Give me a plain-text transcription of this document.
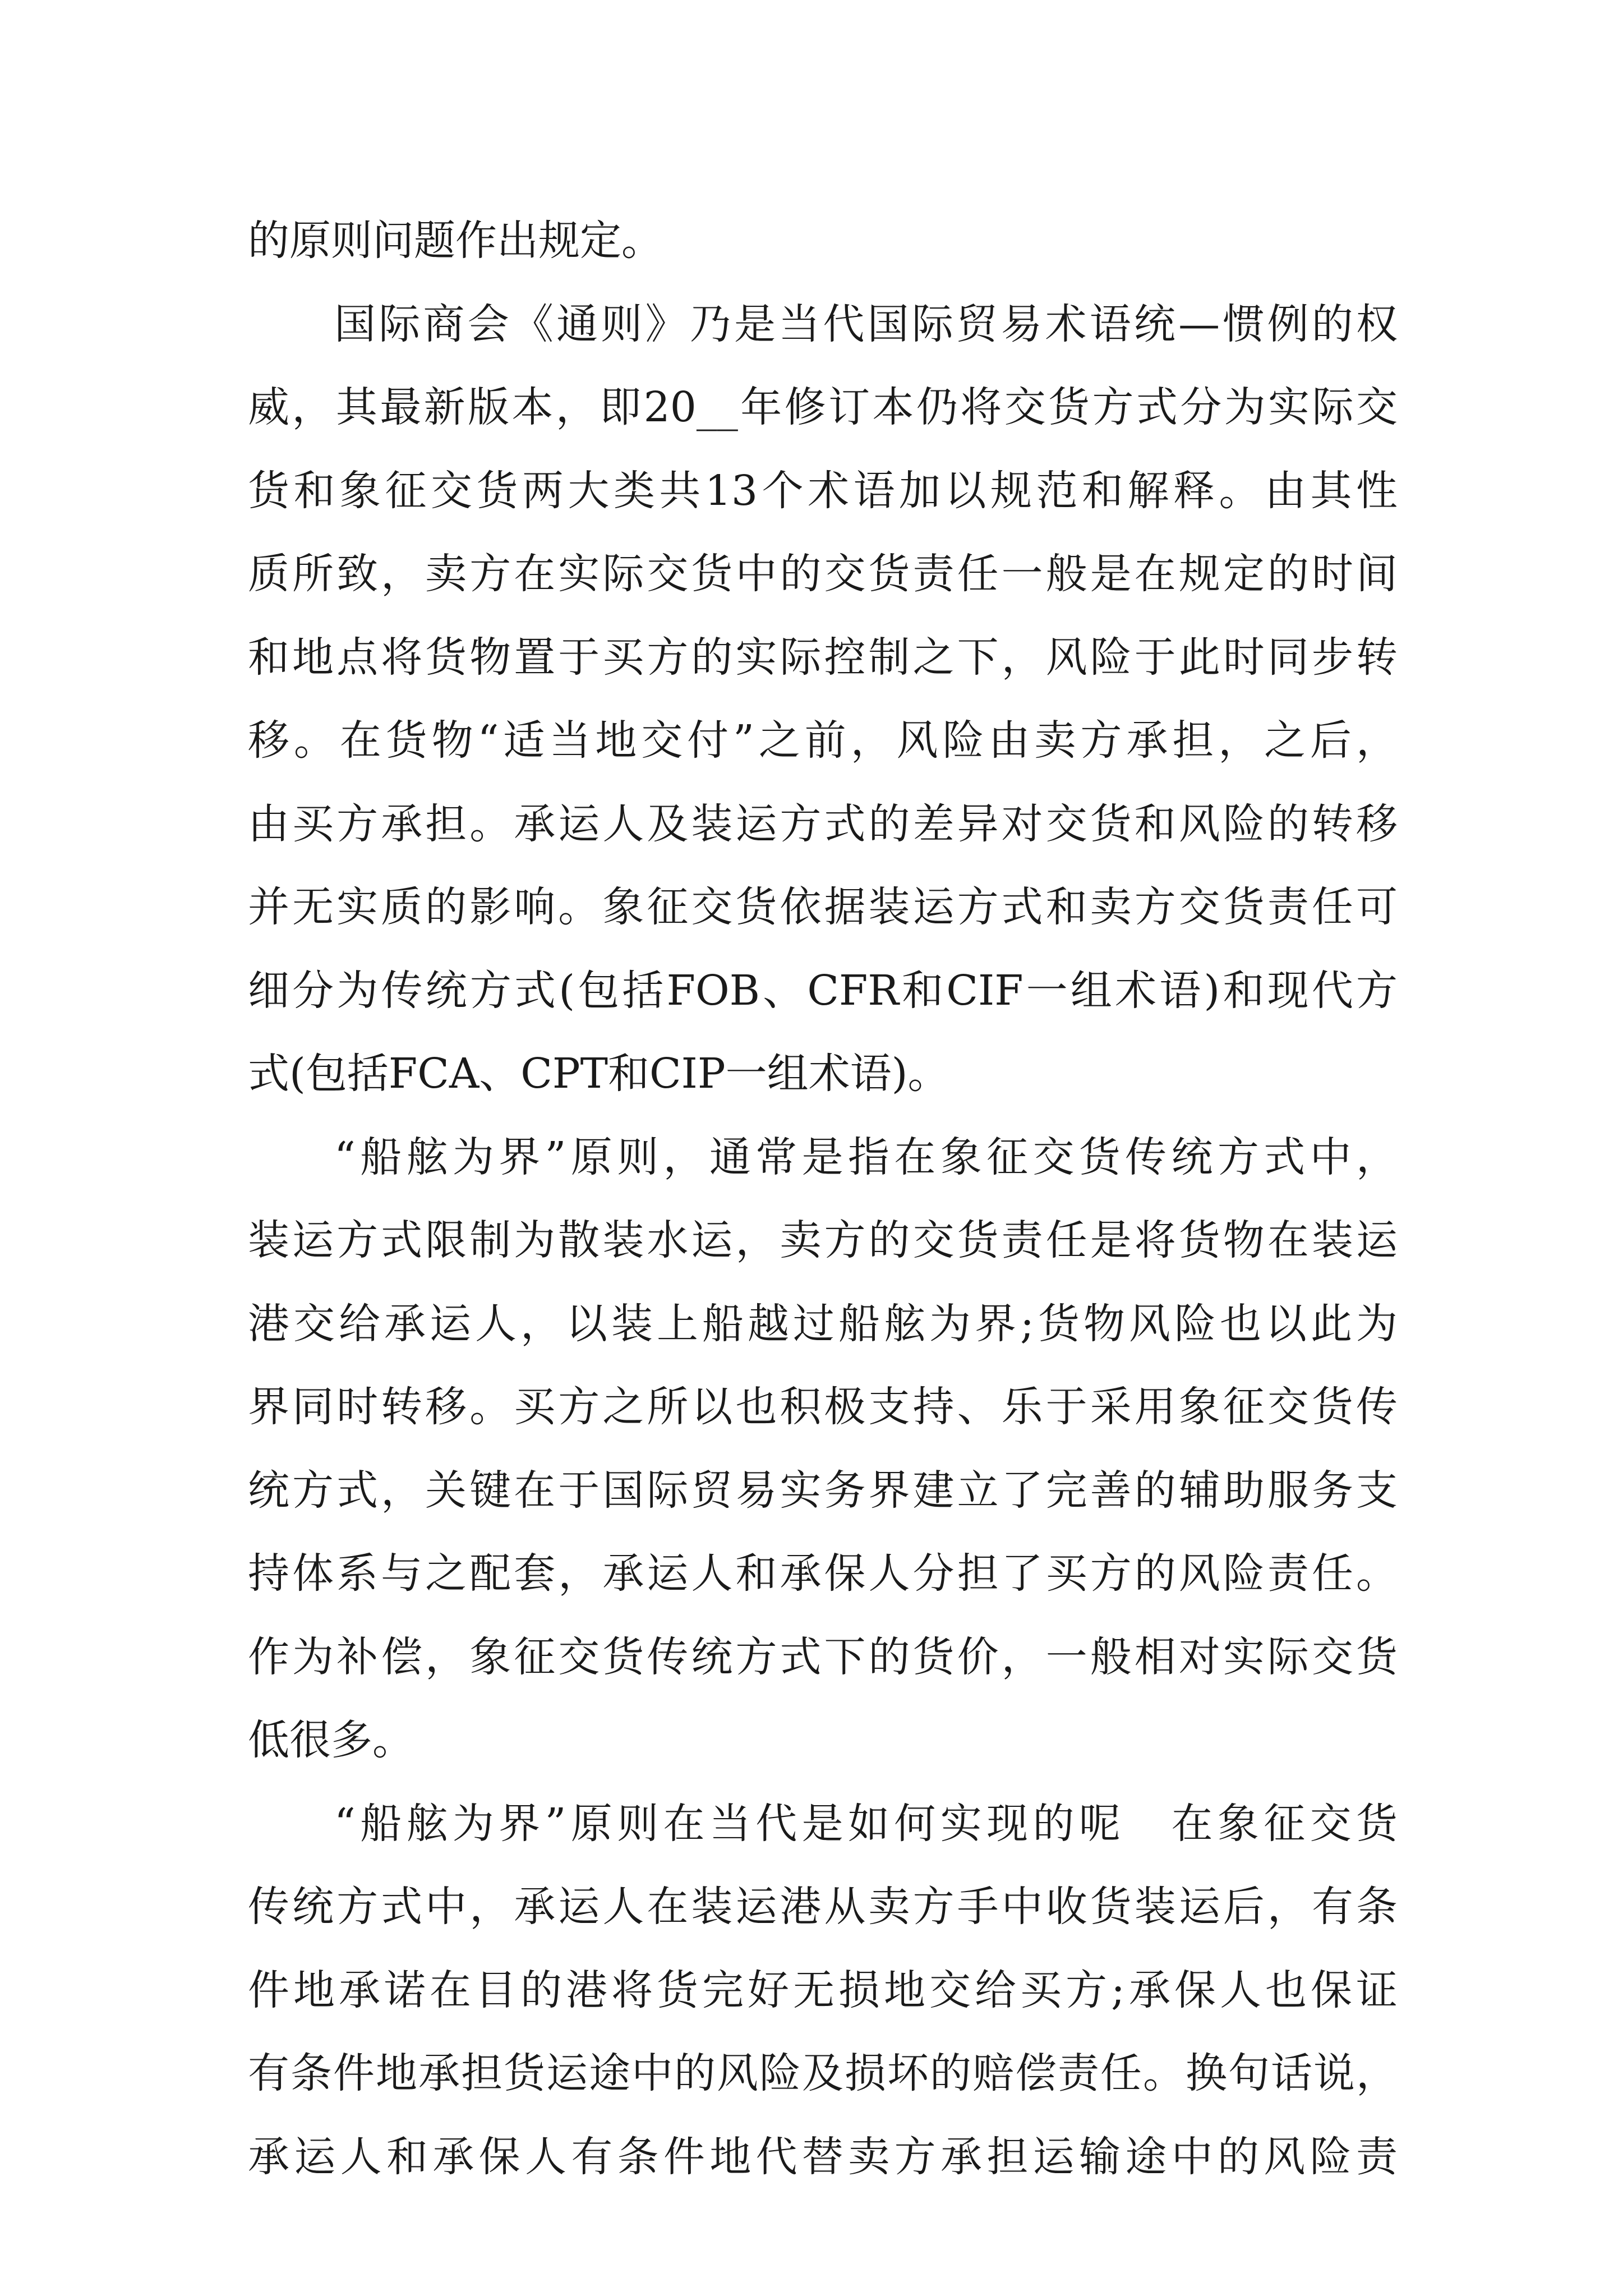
的原则问题作出规定。
国际商会《通则》乃是当代国际贸易术语统—惯例的权
威，其最新版本，即20__年修订本仍将交货方式分为实际交
货和象征交货两大类共13个术语加以规范和解释。由其性
质所致，卖方在实际交货中的交货责任一般是在规定的时间
和地点将货物置于买方的实际控制之下，风险于此时同步转
移。在货物“适当地交付”之前，风险由卖方承担，之后，
由买方承担。承运人及装运方式的差异对交货和风险的转移
并无实质的影响。象征交货依据装运方式和卖方交货责任可
细分为传统方式(包括FOB、CFR和CIF一组术语)和现代方
式(包括FCA、CPT和CIP一组术语)。
“船舷为界”原则，通常是指在象征交货传统方式中，
装运方式限制为散装水运，卖方的交货责任是将货物在装运
港交给承运人，以装上船越过船舷为界;货物风险也以此为
界同时转移。买方之所以也积极支持、乐于采用象征交货传
统方式，关键在于国际贸易实务界建立了完善的辅助服务支
持体系与之配套，承运人和承保人分担了买方的风险责任。
作为补偿，象征交货传统方式下的货价，一般相对实际交货
低很多。
“船舷为界”原则在当代是如何实现的呢　在象征交货
传统方式中，承运人在装运港从卖方手中收货装运后，有条
件地承诺在目的港将货完好无损地交给买方;承保人也保证
有条件地承担货运途中的风险及损坏的赔偿责任。换句话说，
承运人和承保人有条件地代替卖方承担运输途中的风险责
